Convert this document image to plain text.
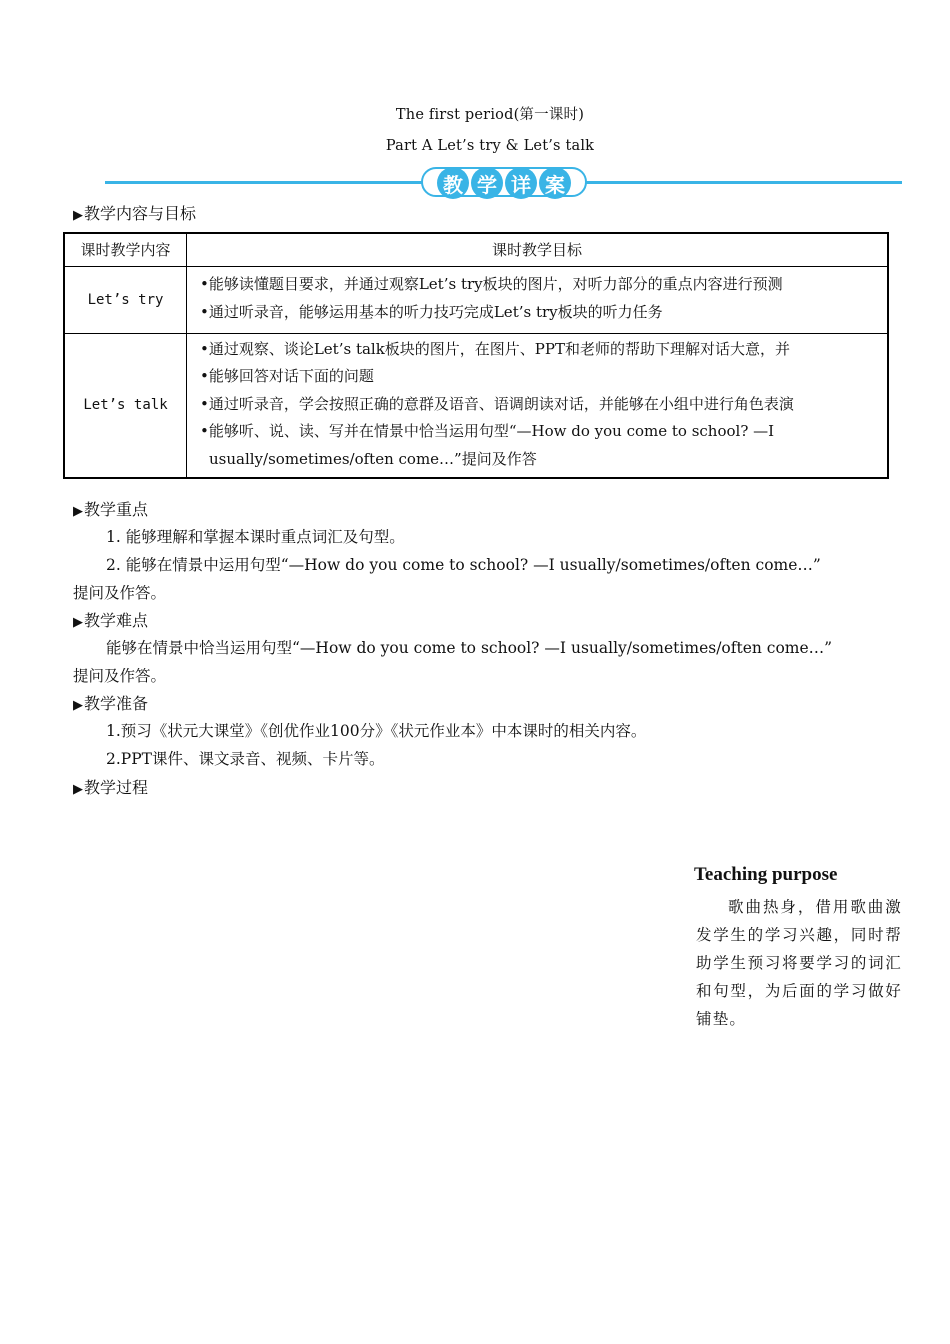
The first period(第一课时)
Part A Let’s try & Let’s talk
教 学 详 案
▶教学内容与目标
课时教学内容	课时教学目标
Let’s try	•能够读懂题目要求，并通过观察Let’s try板块的图片，对听力部分的重点内容进行预测
•通过听录音，能够运用基本的听力技巧完成Let’s try板块的听力任务

Let’s talk	•通过观察、谈论Let’s talk板块的图片，在图片、PPT和老师的帮助下理解对话大意，并
•能够回答对话下面的问题
•通过听录音，学会按照正确的意群及语音、语调朗读对话，并能够在小组中进行角色表演
•能够听、说、读、写并在情景中恰当运用句型“—How do you come to school? —I
usually/sometimes/often come…”提问及作答
▶教学重点
1. 能够理解和掌握本课时重点词汇及句型。
2. 能够在情景中运用句型“—How do you come to school? —I usually/sometimes/often come…”
提问及作答。
▶教学难点
能够在情景中恰当运用句型“—How do you come to school? —I usually/sometimes/often come…”
提问及作答。
▶教学准备
1.预习《状元大课堂》《创优作业100分》《状元作业本》中本课时的相关内容。
2.PPT课件、课文录音、视频、卡片等。
▶教学过程
Teaching purpose
歌曲热身，借用歌曲激发学生的学习兴趣，同时帮助学生预习将要学习的词汇和句型，为后面的学习做好铺垫。
